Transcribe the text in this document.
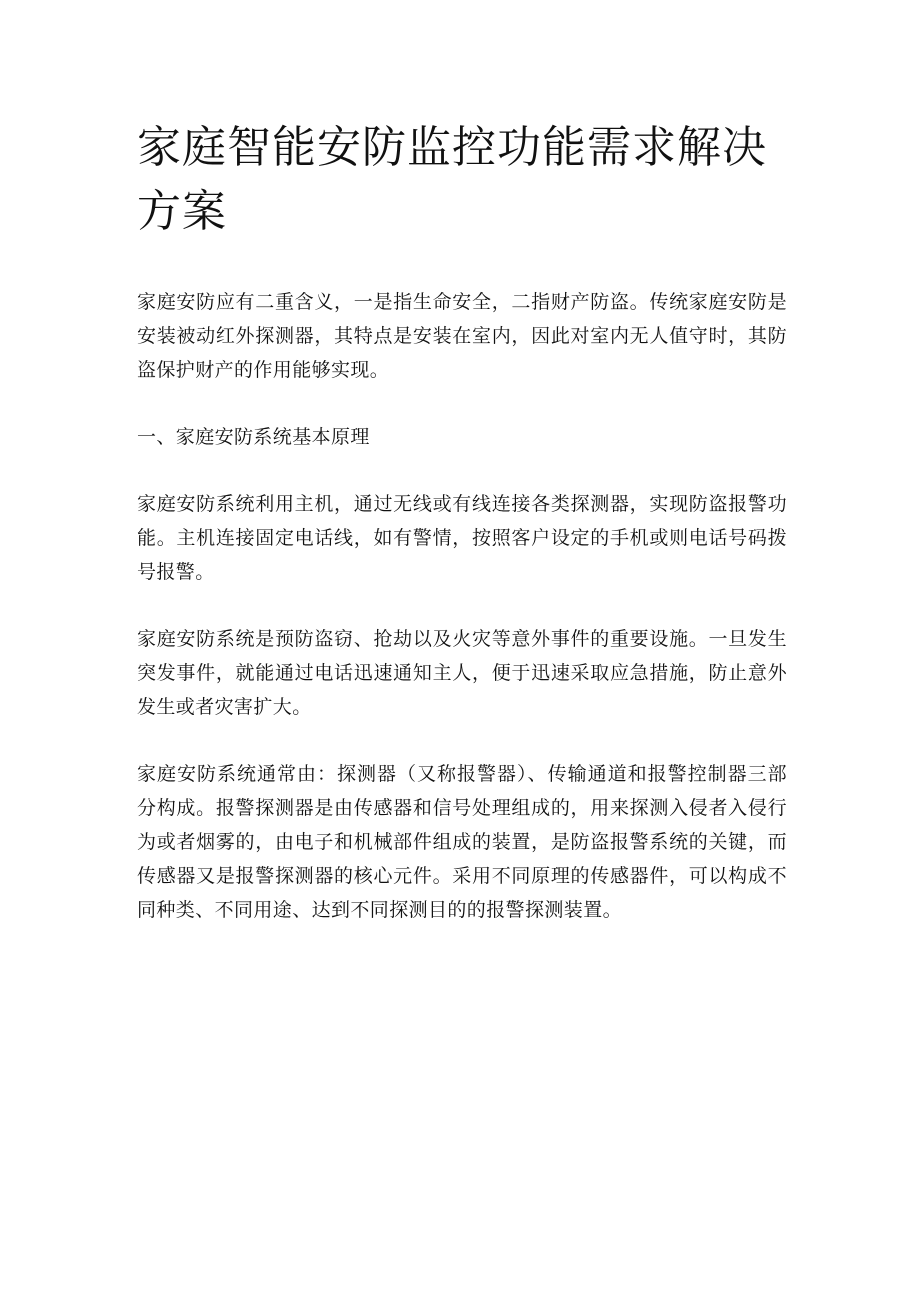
家庭智能安防监控功能需求解决方案

家庭安防应有二重含义，一是指生命安全，二指财产防盗。传统家庭安防是安装被动红外探测器，其特点是安装在室内，因此对室内无人值守时，其防盗保护财产的作用能够实现。

一、家庭安防系统基本原理

家庭安防系统利用主机，通过无线或有线连接各类探测器，实现防盗报警功能。主机连接固定电话线，如有警情，按照客户设定的手机或则电话号码拨号报警。

家庭安防系统是预防盗窃、抢劫以及火灾等意外事件的重要设施。一旦发生突发事件，就能通过电话迅速通知主人，便于迅速采取应急措施，防止意外发生或者灾害扩大。

家庭安防系统通常由：探测器（又称报警器）、传输通道和报警控制器三部分构成。报警探测器是由传感器和信号处理组成的，用来探测入侵者入侵行为或者烟雾的，由电子和机械部件组成的装置，是防盗报警系统的关键，而传感器又是报警探测器的核心元件。采用不同原理的传感器件，可以构成不同种类、不同用途、达到不同探测目的的报警探测装置。
